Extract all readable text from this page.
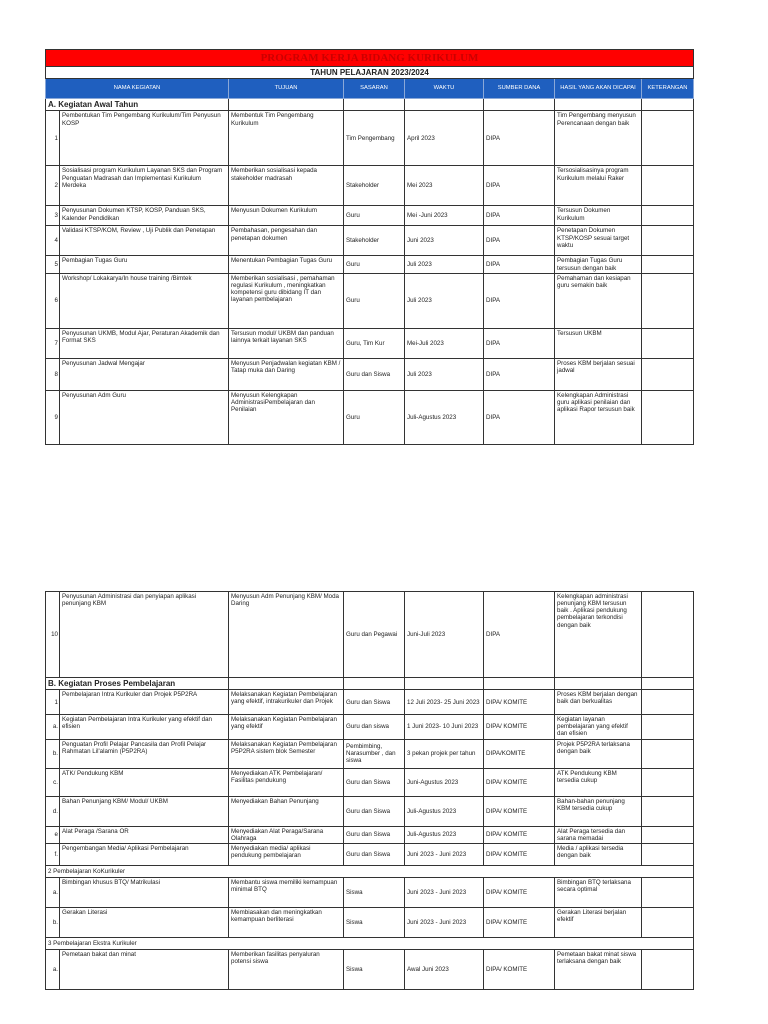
PROGRAM KERJA BIDANG KURIKULUM							
TAHUN PELAJARAN 2023/2024							
NAMA KEGIATAN		TUJUAN	SASARAN	WAKTU	SUMBER DANA	HASIL YANG AKAN DICAPAI	KETERANGAN
A. Kegiatan Awal Tahun							
1	Pembentukan Tim Pengembang Kurikulum/Tim Penyusun KOSP	Membentuk Tim Pengembang Kurikulum	Tim Pengembang	April 2023	DIPA	Tim Pengembang menyusun Perencanaan dengan baik	
2	Sosialisasi program Kurikulum Layanan SKS dan Program Penguatan Madrasah dan Implementasi Kurikulum Merdeka	Memberikan sosialisasi kepada stakeholder madrasah	Stakeholder	Mei 2023	DIPA	Tersosialisasinya program Kurikulum melalui Raker	
3	Penyusunan Dokumen KTSP, KOSP, Panduan SKS, Kalender Pendidikan	Menyusun Dokumen Kurikulum	Guru	Mei -Juni 2023	DIPA	Tersusun Dokumen Kurikulum	
4	Validasi KTSP/KOM, Review , Uji Publik dan Penetapan	Pembahasan, pengesahan dan penetapan dokumen	Stakeholder	Juni 2023	DIPA	Penetapan Dokumen KTSP/KOSP sesuai target waktu	
5	Pembagian Tugas Guru	Menentukan Pembagian Tugas Guru	Guru	Juli 2023	DIPA	Pembagian Tugas Guru tersusun dengan baik	
6	Workshop/ Lokakarya/In house training /Bimtek	Memberikan sosialisasi , pemahaman regulasi Kurikulum , meningkatkan kompetensi guru dibidang IT dan layanan pembelajaran	Guru	Juli 2023	DIPA	Pemahaman dan kesiapan guru semakin baik	
7	Penyusunan UKMB, Modul Ajar, Peraturan Akademik dan Format SKS	Tersusun modul/ UKBM dan panduan lainnya terkait layanan SKS	Guru, Tim Kur	Mei-Juli 2023	DIPA	Tersusun UKBM	
8	Penyusunan Jadwal Mengajar	Menyusun Penjadwalan kegiatan KBM / Tatap muka dan Daring	Guru dan Siswa	Juli 2023	DIPA	Proses KBM berjalan sesuai jadwal	
9	Penyusunan Adm Guru	Menyusun Kelengkapan AdministrasiPembelajaran dan Penilaian	Guru	Juli-Agustus 2023	DIPA	Kelengkapan Administrasi guru aplikasi penilaian dan aplikasi Rapor tersusun baik	
10	Penyusunan Administrasi dan penyiapan aplikasi penunjang KBM	Menyusun Adm Penunjang KBM/ Moda Daring	Guru dan Pegawai	Juni-Juli 2023	DIPA	Kelengkapan administrasi penunjang KBM tersusun baik . Aplikasi pendukung pembelajaran terkondisi dengan baik	
B. Kegiatan Proses Pembelajaran							
1	Pembelajaran Intra Kurikuler dan Projek P5P2RA	Melaksanakan Kegiatan Pembelajaran yang efektif, intrakurikuler dan Projek	Guru dan Siswa	12 Juli 2023- 25 Juni 2023	DIPA/ KOMITE	Proses KBM berjalan dengan baik dan berkualitas	
a.	Kegiatan Pembelajaran Intra Kurikuler yang efektif dan efisien	Melaksanakan Kegiatan Pembelajaran yang efektif	Guru dan siswa	1 Juni 2023- 10 Juni 2023	DIPA/ KOMITE	Kegiatan layanan pembelajaran yang efektif dan efisien	
b.	Penguatan Profil Pelajar Pancasila dan Profil Pelajar Rahmatan Lil'alamin (P5P2RA)	Melaksanakan Kegiatan Pembelajaran P5P2RA sistem blok Semester	Pembimbing, Narasumber , dan siswa	3 pekan projek per tahun	DIPA/KOMITE	Projek P5P2RA terlaksana dengan baik	
c.	ATK/ Pendukung KBM	Menyediakan ATK Pembelajaran/ Fasilitas pendukung	Guru dan Siswa	Juni-Agustus 2023	DIPA/ KOMITE	ATK Pendukung KBM tersedia cukup	
d.	Bahan Penunjang KBM/ Modul/ UKBM	Menyediakan Bahan Penunjang	Guru dan Siswa	Juli-Agustus 2023	DIPA/ KOMITE	Bahan-bahan penunjang KBM tersedia cukup	
e	Alat Peraga /Sarana OR	Menyediakan Alat Peraga/Sarana Olahraga	Guru dan Siswa	Juli-Agustus 2023	DIPA/ KOMITE	Alat Peraga tersedia dan sarana memadai	
f.	Pengembangan Media/ Aplikasi Pembelajaran	Menyediakan media/ aplikasi pendukung pembelajaran	Guru dan Siswa	Juni 2023 - Juni 2023	DIPA/ KOMITE	Media / aplikasi tersedia dengan baik	
2 Pembelajaran KoKurikuler							
a.	Bimbingan khusus BTQ/ Matrikulasi	Membantu siswa memiliki kemampuan minimal BTQ	Siswa	Juni 2023 - Juni 2023	DIPA/ KOMITE	Bimbingan BTQ terlaksana secara optimal	
b.	Gerakan Literasi	Membiasakan dan meningkatkan kemampuan berliterasi	Siswa	Juni 2023 - Juni 2023	DIPA/ KOMITE	Gerakan Literasi berjalan efektif	
3 Pembelajaran Ekstra Kurikuler							
a.	Pemetaan bakat dan minat	Memberikan fasilitas penyaluran potensi siswa	Siswa	Awal Juni 2023	DIPA/ KOMITE	Pemetaan bakat minat siswa terlaksana dengan baik	
